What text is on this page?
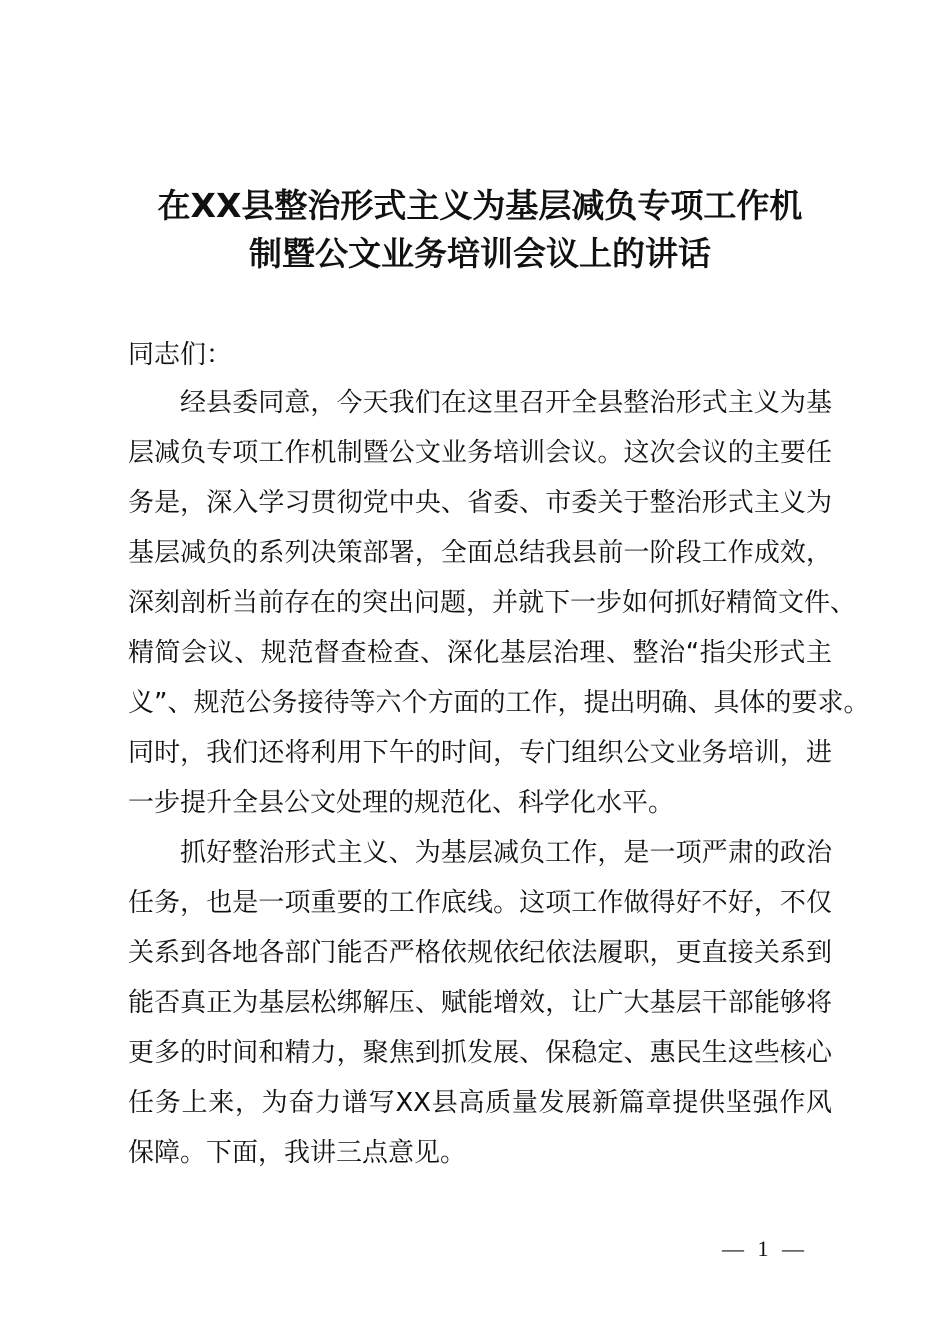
在XX县整治形式主义为基层减负专项工作机
制暨公文业务培训会议上的讲话
同志们：
经县委同意，今天我们在这里召开全县整治形式主义为基
层减负专项工作机制暨公文业务培训会议。这次会议的主要任
务是，深入学习贯彻党中央、省委、市委关于整治形式主义为
基层减负的系列决策部署，全面总结我县前一阶段工作成效，
深刻剖析当前存在的突出问题，并就下一步如何抓好精简文件、
精简会议、规范督查检查、深化基层治理、整治“指尖形式主
义”、规范公务接待等六个方面的工作，提出明确、具体的要求。
同时，我们还将利用下午的时间，专门组织公文业务培训，进
一步提升全县公文处理的规范化、科学化水平。
抓好整治形式主义、为基层减负工作，是一项严肃的政治
任务，也是一项重要的工作底线。这项工作做得好不好，不仅
关系到各地各部门能否严格依规依纪依法履职，更直接关系到
能否真正为基层松绑解压、赋能增效，让广大基层干部能够将
更多的时间和精力，聚焦到抓发展、保稳定、惠民生这些核心
任务上来，为奋力谱写XX县高质量发展新篇章提供坚强作风
保障。下面，我讲三点意见。
— 1 —
